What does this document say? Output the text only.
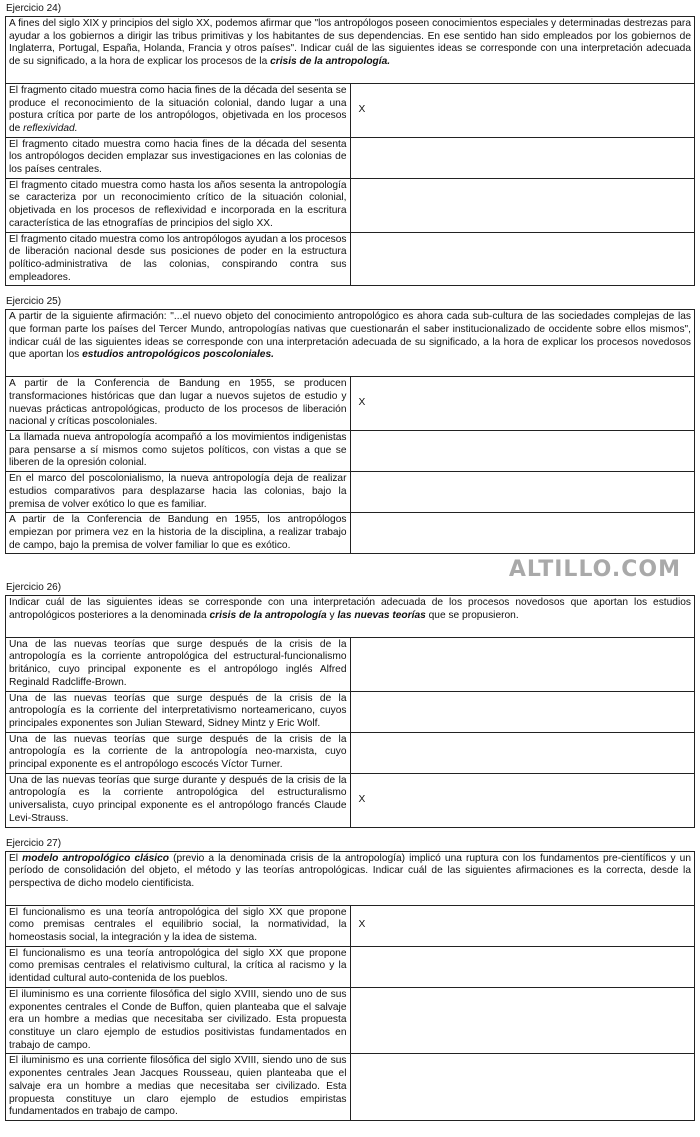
Ejercicio 24)
A fines del siglo XIX y principios del siglo XX, podemos afirmar que "los antropólogos poseen conocimientos especiales y determinadas destrezas para ayudar a los gobiernos a dirigir las tribus primitivas y los habitantes de sus dependencias. En ese sentido han sido empleados por los gobiernos de Inglaterra, Portugal, España, Holanda, Francia y otros países". Indicar cuál de las siguientes ideas se corresponde con una interpretación adecuada de su significado, a la hora de explicar los procesos de la crisis de la antropología.	
El fragmento citado muestra como hacia fines de la década del sesenta se produce el reconocimiento de la situación colonial, dando lugar a una postura crítica por parte de los antropólogos, objetivada en los procesos de reflexividad.	X
El fragmento citado muestra como hacia fines de la década del sesenta los antropólogos deciden emplazar sus investigaciones en las colonias de los países centrales.	
El fragmento citado muestra como hasta los años sesenta la antropología se caracteriza por un reconocimiento crítico de la situación colonial, objetivada en los procesos de reflexividad e incorporada en la escritura característica de las etnografías de principios del siglo XX.	
El fragmento citado muestra como los antropólogos ayudan a los procesos de liberación nacional desde sus posiciones de poder en la estructura político-administrativa de las colonias, conspirando contra sus empleadores.	
Ejercicio 25)
A partir de la siguiente afirmación: "...el nuevo objeto del conocimiento antropológico es ahora cada sub-cultura de las sociedades complejas de las que forman parte los países del Tercer Mundo, antropologías nativas que cuestionarán el saber institucionalizado de occidente sobre ellos mismos", indicar cuál de las siguientes ideas se corresponde con una interpretación adecuada de su significado, a la hora de explicar los procesos novedosos que aportan los estudios antropológicos poscoloniales.	
A partir de la Conferencia de Bandung en 1955, se producen transformaciones históricas que dan lugar a nuevos sujetos de estudio y nuevas prácticas antropológicas, producto de los procesos de liberación nacional y críticas poscoloniales.	X
La llamada nueva antropología acompañó a los movimientos indigenistas para pensarse a sí mismos como sujetos políticos, con vistas a que se liberen de la opresión colonial.	
En el marco del poscolonialismo, la nueva antropología deja de realizar estudios comparativos para desplazarse hacia las colonias, bajo la premisa de volver exótico lo que es familiar.	
A partir de la Conferencia de Bandung en 1955, los antropólogos empiezan por primera vez en la historia de la disciplina, a realizar trabajo de campo, bajo la premisa de volver familiar lo que es exótico.	
ALTILLO.COM
Ejercicio 26)
Indicar cuál de las siguientes ideas se corresponde con una interpretación adecuada de los procesos novedosos que aportan los estudios antropológicos posteriores a la denominada crisis de la antropología y las nuevas teorías que se propusieron.	
Una de las nuevas teorías que surge después de la crisis de la antropología es la corriente antropológica del estructural-funcionalismo británico, cuyo principal exponente es el antropólogo inglés Alfred Reginald Radcliffe-Brown.	
Una de las nuevas teorías que surge después de la crisis de la antropología es la corriente del interpretativismo norteamericano, cuyos principales exponentes son Julian Steward, Sidney Mintz y Eric Wolf.	
Una de las nuevas teorías que surge después de la crisis de la antropología es la corriente de la antropología neo-marxista, cuyo principal exponente es el antropólogo escocés Víctor Turner.	
Una de las nuevas teorías que surge durante y después de la crisis de la antropología es la corriente antropológica del estructuralismo universalista, cuyo principal exponente es el antropólogo francés Claude Levi-Strauss.	X
Ejercicio 27)
El modelo antropológico clásico (previo a la denominada crisis de la antropología) implicó una ruptura con los fundamentos pre-científicos y un período de consolidación del objeto, el método y las teorías antropológicas. Indicar cuál de las siguientes afirmaciones es la correcta, desde la perspectiva de dicho modelo cientificista.	
El funcionalismo es una teoría antropológica del siglo XX que propone como premisas centrales el equilibrio social, la normatividad, la homeostasis social, la integración y la idea de sistema.	X
El funcionalismo es una teoría antropológica del siglo XX que propone como premisas centrales el relativismo cultural, la crítica al racismo y la identidad cultural auto-contenida de los pueblos.	
El iluminismo es una corriente filosófica del siglo XVIII, siendo uno de sus exponentes centrales el Conde de Buffon, quien planteaba que el salvaje era un hombre a medias que necesitaba ser civilizado. Esta propuesta constituye un claro ejemplo de estudios positivistas fundamentados en trabajo de campo.	
El iluminismo es una corriente filosófica del siglo XVIII, siendo uno de sus exponentes centrales Jean Jacques Rousseau, quien planteaba que el salvaje era un hombre a medias que necesitaba ser civilizado. Esta propuesta constituye un claro ejemplo de estudios empiristas fundamentados en trabajo de campo.	
